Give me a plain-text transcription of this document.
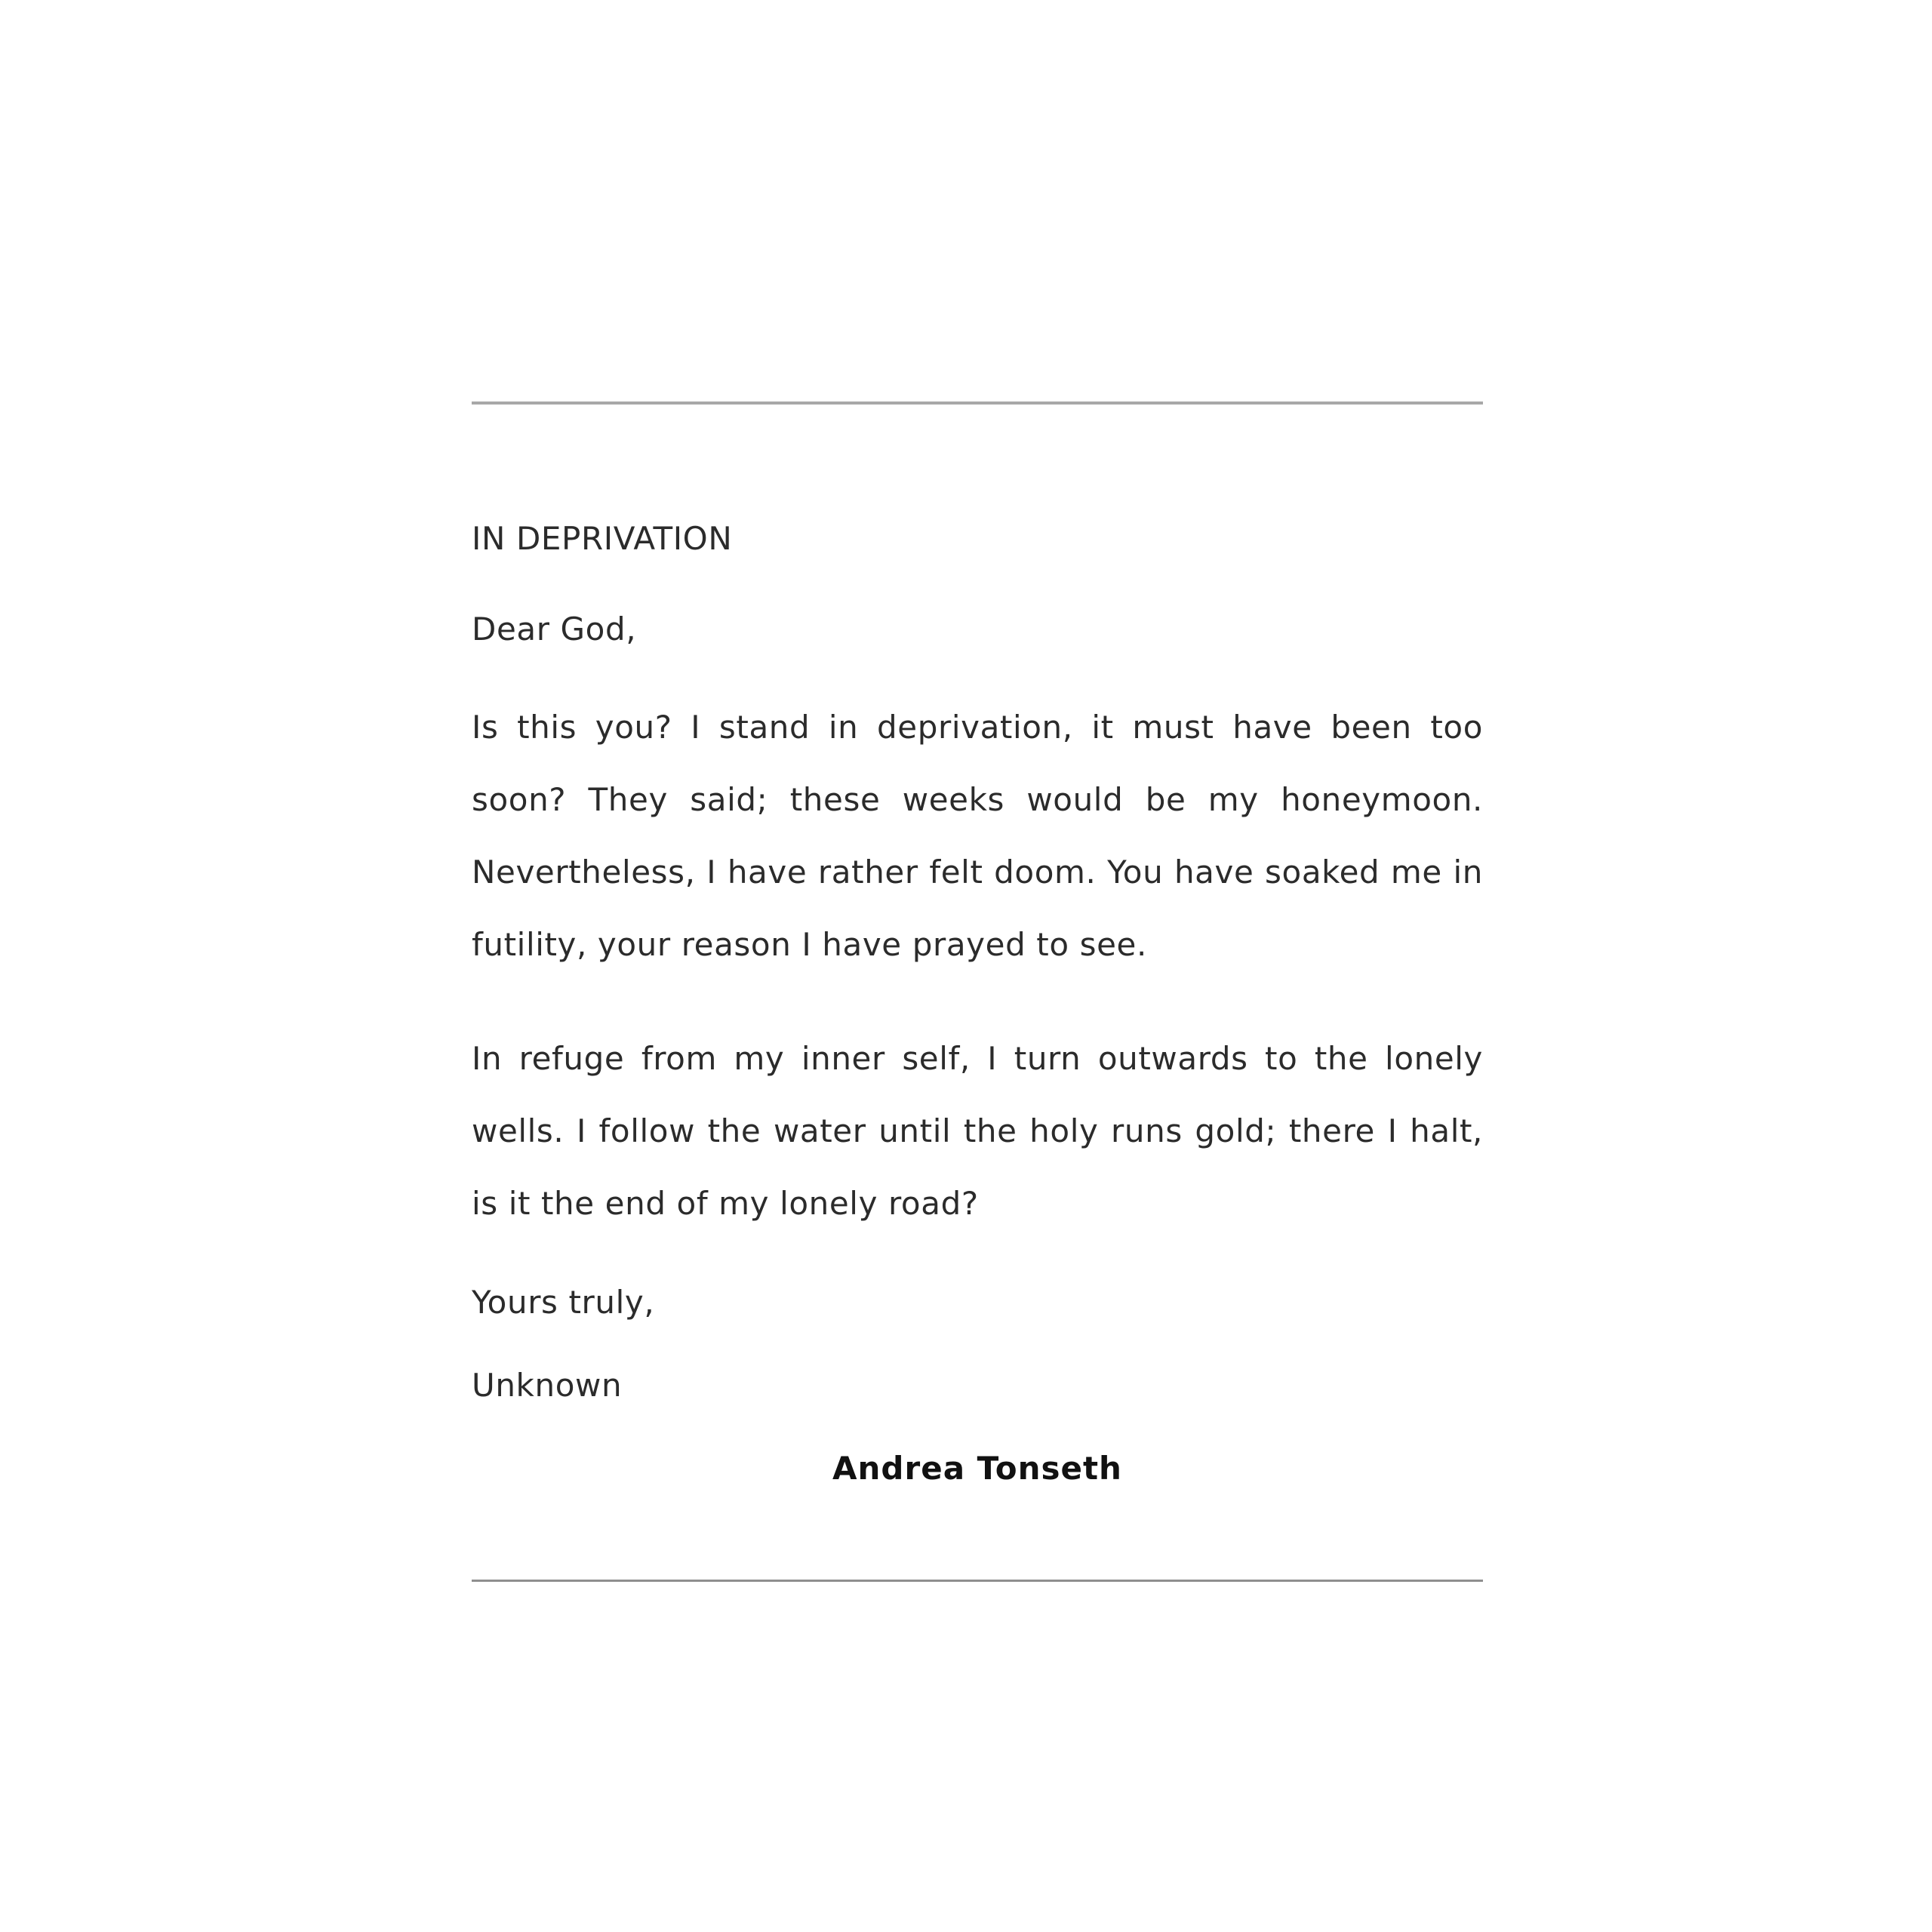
IN DEPRIVATION
Dear God,
Is this you? I stand in deprivation, it must have been too soon? They said; these weeks would be my honeymoon. Nevertheless, I have rather felt doom. You have soaked me in futility, your reason I have prayed to see.
In refuge from my inner self, I turn outwards to the lonely wells. I follow the water until the holy runs gold; there I halt, is it the end of my lonely road?
Yours truly,
Unknown
Andrea Tonseth
